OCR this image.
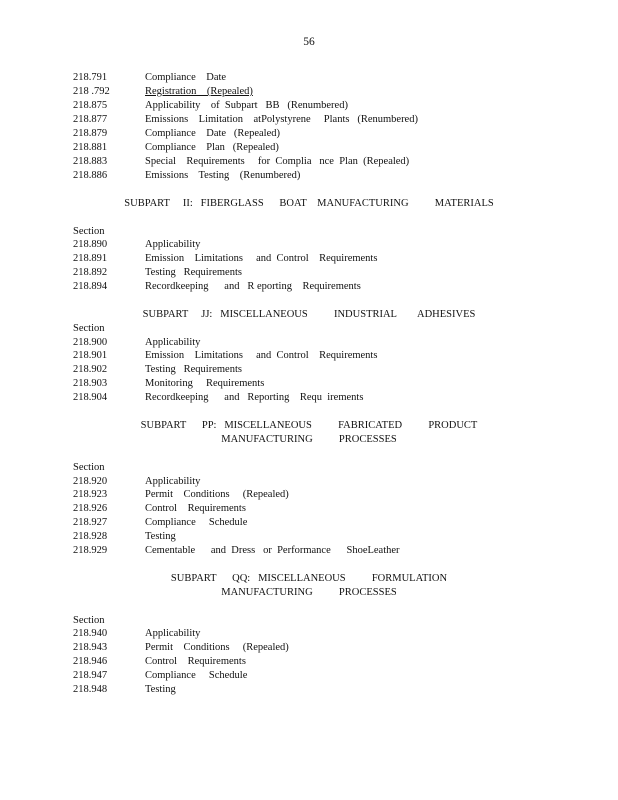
56
218.791	Compliance    Date
218 .792	Registration    (Repealed)
218.875	Applicability    of  Subpart   BB   (Renumbered)
218.877	Emissions    Limitation    atPolystyrene     Plants   (Renumbered)
218.879	Compliance    Date   (Repealed)
218.881	Compliance    Plan   (Repealed)
218.883	Special    Requirements     for  Complia   nce  Plan  (Repealed)
218.886	Emissions    Testing    (Renumbered)
SUBPART     II:   FIBERGLASS      BOAT    MANUFACTURING          MATERIALS
Section
218.890	Applicability
218.891	Emission    Limitations     and  Control    Requirements
218.892	Testing   Requirements
218.894	Recordkeeping      and   R eporting    Requirements
SUBPART     JJ:   MISCELLANEOUS          INDUSTRIAL        ADHESIVES
Section
218.900	Applicability
218.901	Emission    Limitations     and  Control    Requirements
218.902	Testing   Requirements
218.903	Monitoring     Requirements
218.904	Recordkeeping      and   Reporting    Requ  irements
SUBPART      PP:   MISCELLANEOUS          FABRICATED          PRODUCT
MANUFACTURING          PROCESSES
Section
218.920	Applicability
218.923	Permit    Conditions     (Repealed)
218.926	Control    Requirements
218.927	Compliance     Schedule
218.928	Testing
218.929	Cementable      and  Dress   or  Performance      ShoeLeather
SUBPART      QQ:   MISCELLANEOUS          FORMULATION
MANUFACTURING          PROCESSES
Section
218.940	Applicability
218.943	Permit    Conditions     (Repealed)
218.946	Control    Requirements
218.947	Compliance     Schedule
218.948	Testing
